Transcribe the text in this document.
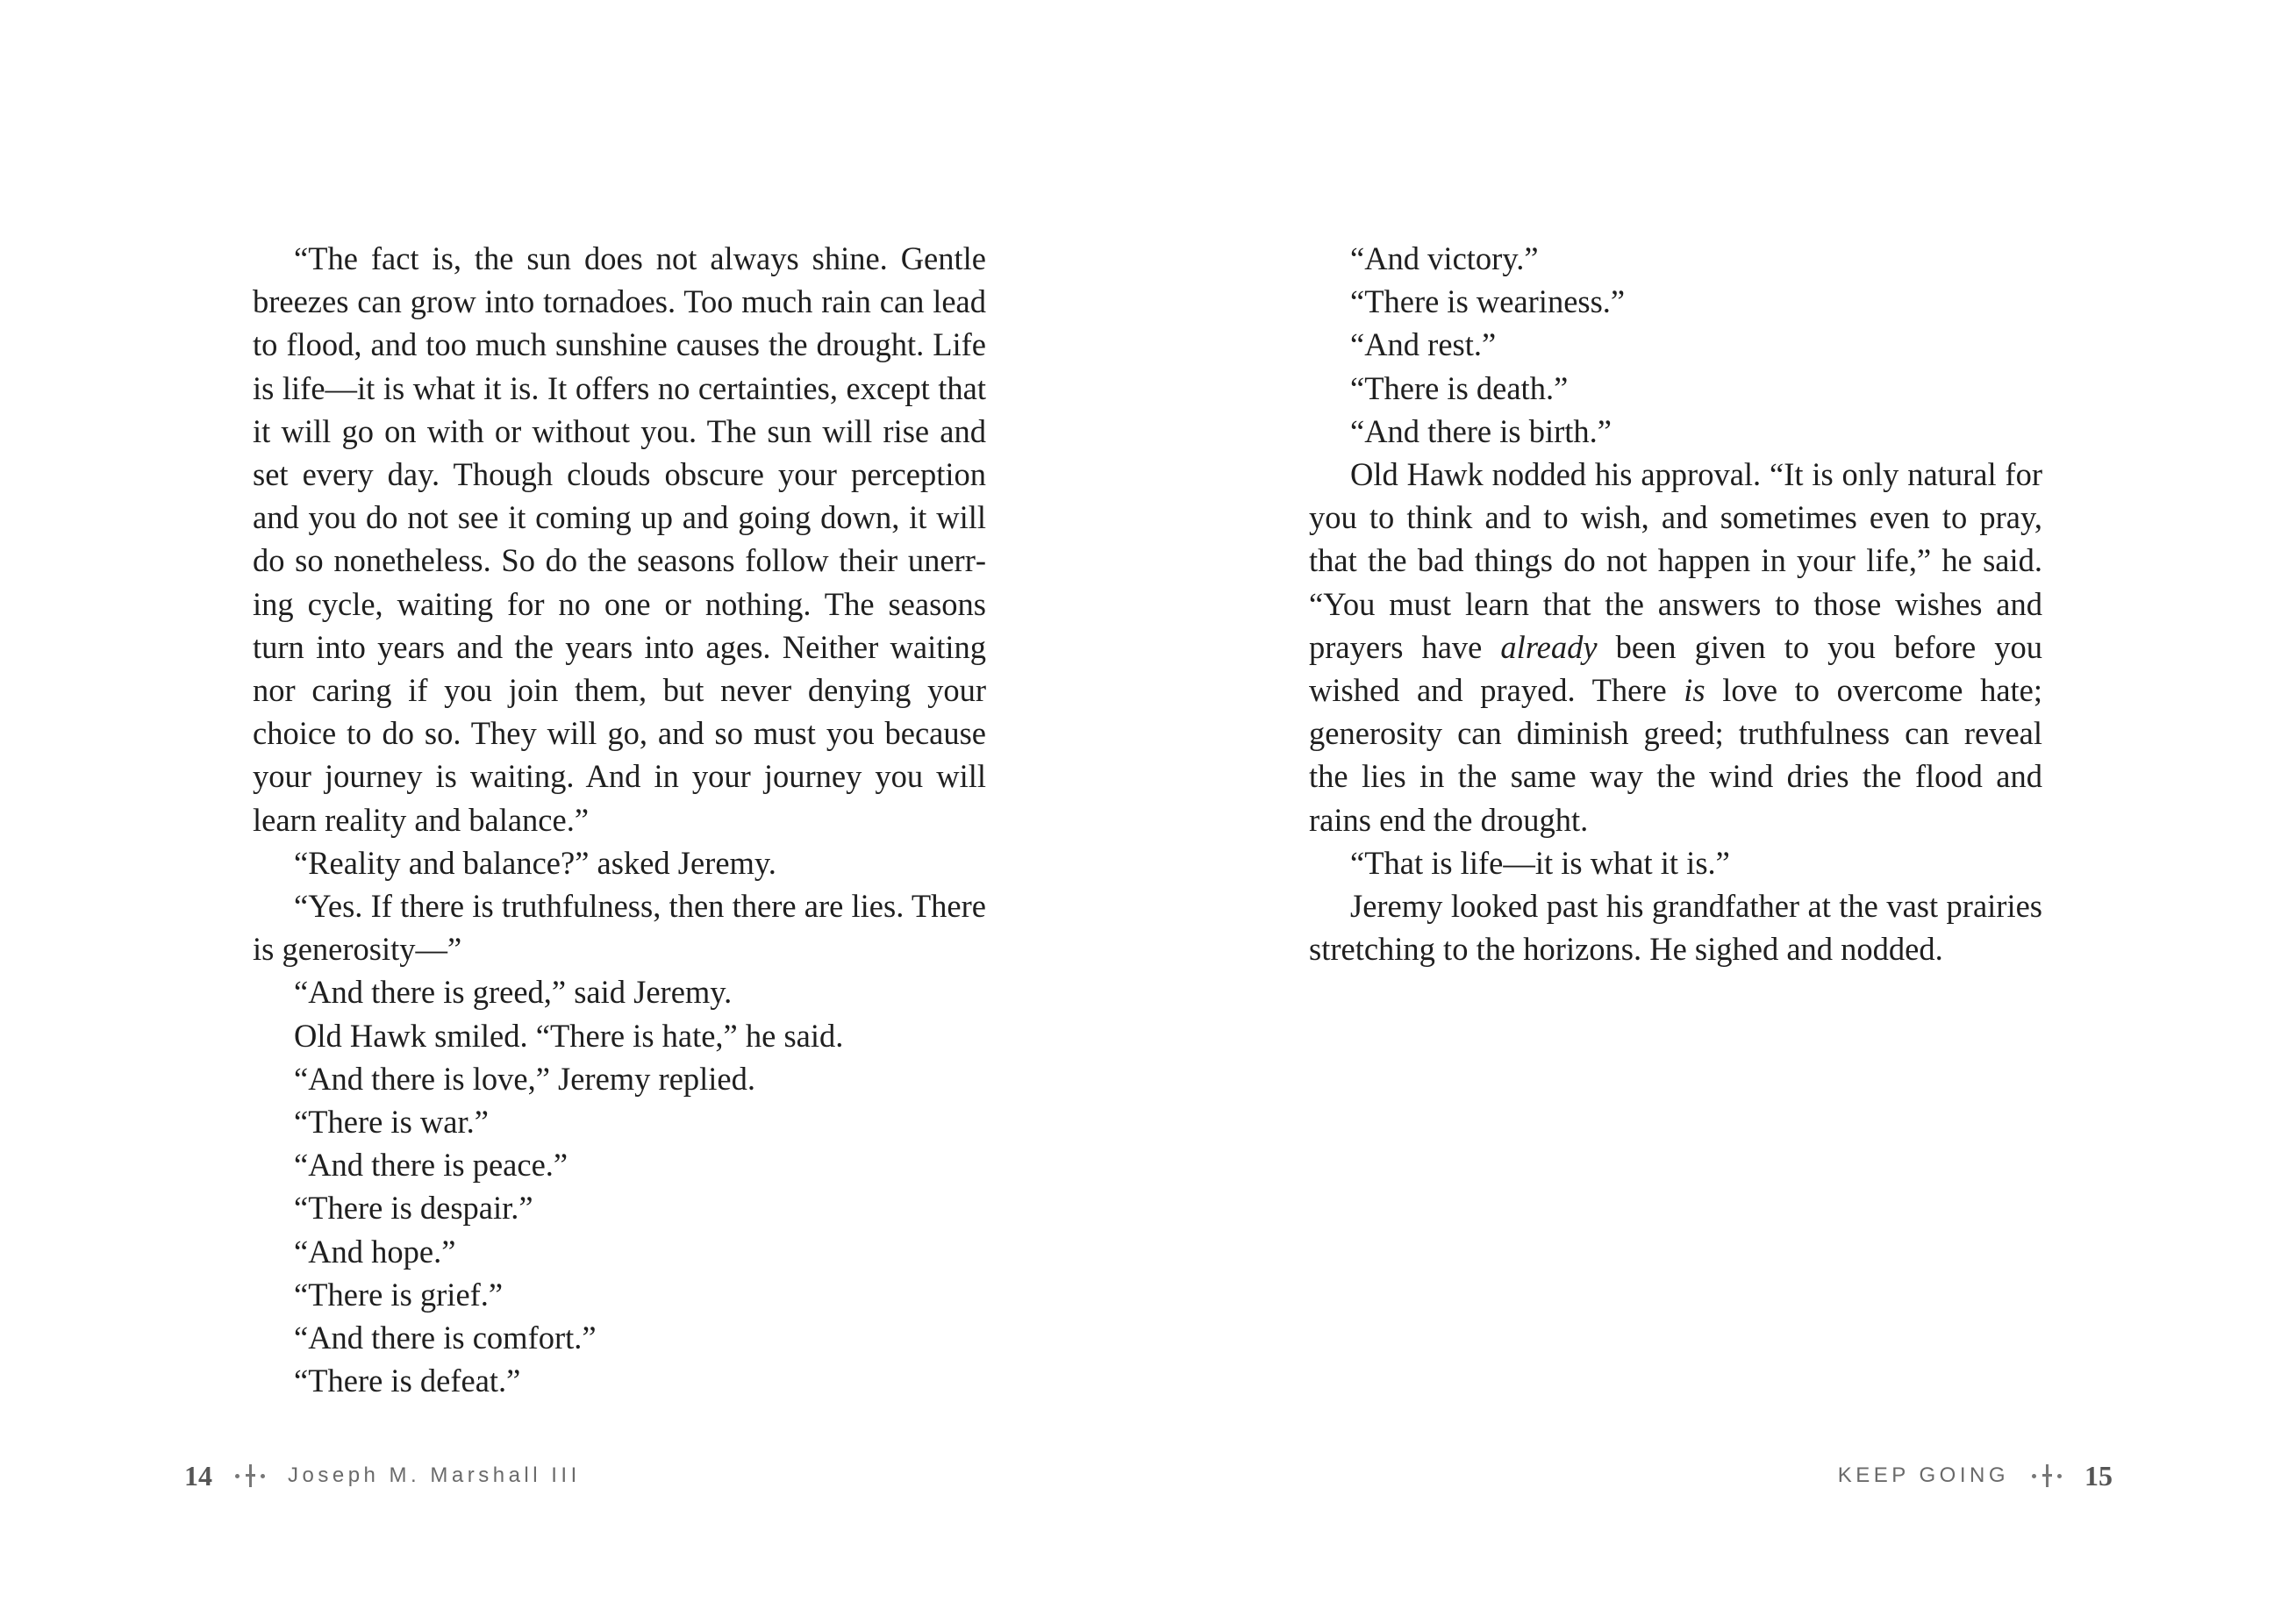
“The fact is, the sun does not always shine. Gentle breezes can grow into tornadoes. Too much rain can lead to flood, and too much sunshine causes the drought. Life is life—it is what it is. It offers no certainties, except that it will go on with or without you. The sun will rise and set every day. Though clouds obscure your perception and you do not see it coming up and going down, it will do so nonetheless. So do the seasons follow their unerring cycle, waiting for no one or nothing. The seasons turn into years and the years into ages. Neither waiting nor caring if you join them, but never denying your choice to do so. They will go, and so must you because your journey is waiting. And in your journey you will learn reality and balance.”

“Reality and balance?” asked Jeremy.

“Yes. If there is truthfulness, then there are lies. There is generosity—”

“And there is greed,” said Jeremy.

Old Hawk smiled. “There is hate,” he said.

“And there is love,” Jeremy replied.

“There is war.”

“And there is peace.”

“There is despair.”

“And hope.”

“There is grief.”

“And there is comfort.”

“There is defeat.”

14	Joseph M. Marshall III

“And victory.”

“There is weariness.”

“And rest.”

“There is death.”

“And there is birth.”

Old Hawk nodded his approval. “It is only natural for you to think and to wish, and sometimes even to pray, that the bad things do not happen in your life,” he said. “You must learn that the answers to those wishes and prayers have already been given to you before you wished and prayed. There is love to overcome hate; generosity can diminish greed; truthfulness can reveal the lies in the same way the wind dries the flood and rains end the drought.

“That is life—it is what it is.”

Jeremy looked past his grandfather at the vast prairies stretching to the horizons. He sighed and nodded.

KEEP GOING	15
